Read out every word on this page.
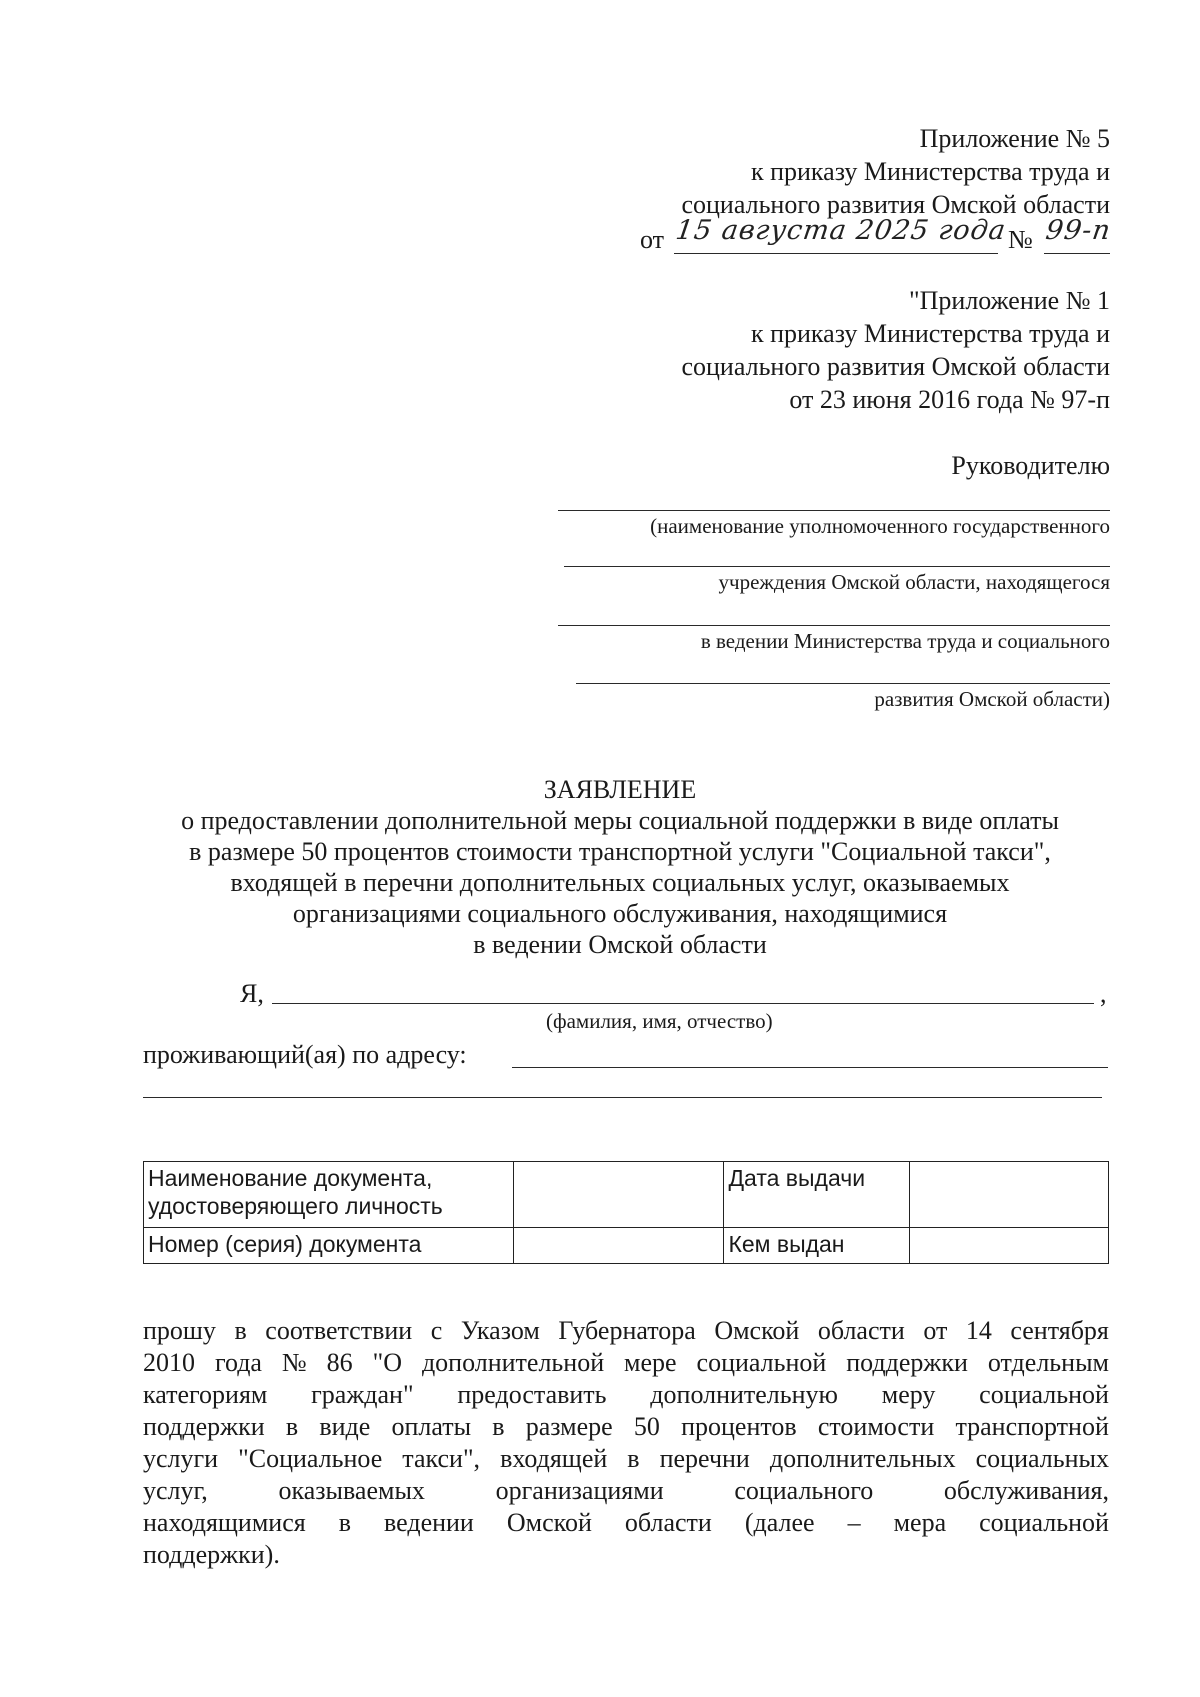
Приложение № 5
к приказу Министерства труда и
социального развития Омской области
от 15 августа 2025 года № 99-п
"Приложение № 1
к приказу Министерства труда и
социального развития Омской области
от 23 июня 2016 года № 97-п
Руководителю
(наименование уполномоченного государственного
учреждения Омской области, находящегося
в ведении Министерства труда и социального
развития Омской области)
ЗАЯВЛЕНИЕ
о предоставлении дополнительной меры социальной поддержки в виде оплаты
в размере 50 процентов стоимости транспортной услуги "Социальной такси",
входящей в перечни дополнительных социальных услуг, оказываемых
организациями социального обслуживания, находящимися
в ведении Омской области
Я,	,
(фамилия, имя, отчество)
проживающий(ая) по адресу:
Наименование документа,
удостоверяющего личность		Дата выдачи	
Номер (серия) документа		Кем выдан	
прошу в соответствии с Указом Губернатора Омской области от 14 сентября
2010 года № 86 "О дополнительной мере социальной поддержки отдельным
категориям граждан" предоставить дополнительную меру социальной
поддержки в виде оплаты в размере 50 процентов стоимости транспортной
услуги "Социальное такси", входящей в перечни дополнительных социальных
услуг,	оказываемых	организациями	социального	обслуживания,
находящимися в ведении Омской области (далее – мера социальной
поддержки).
